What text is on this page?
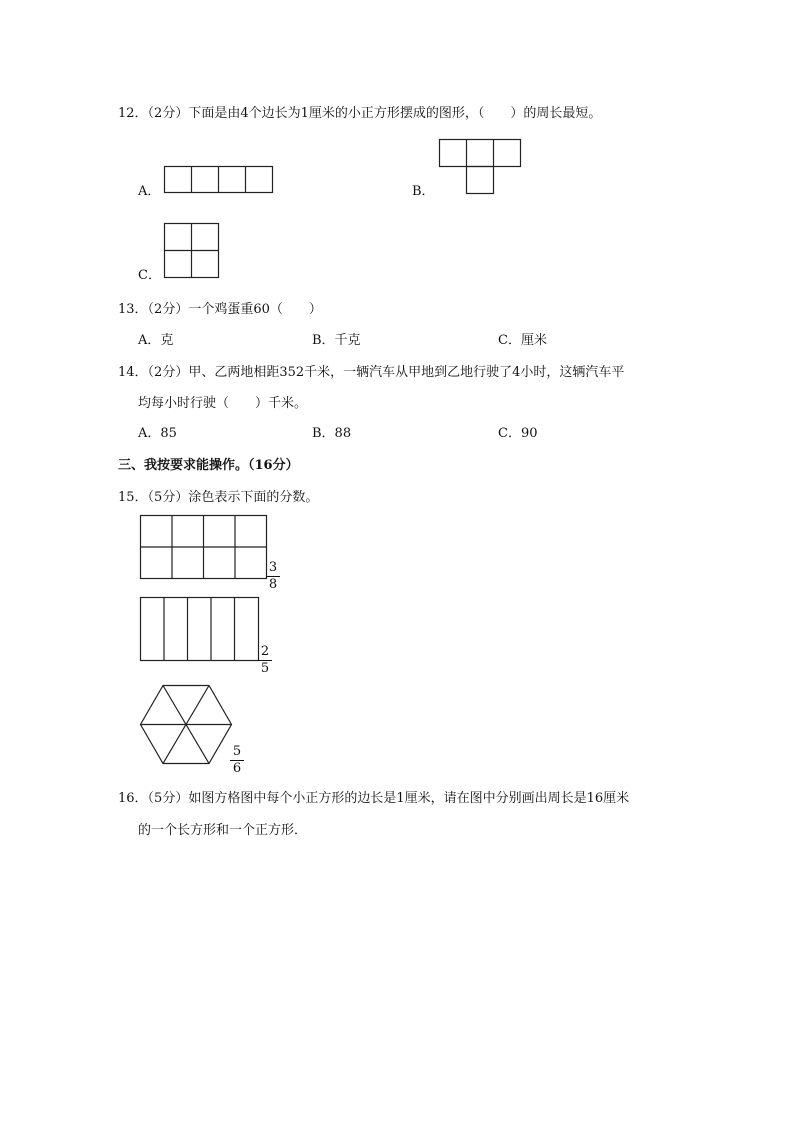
12．（2分）下面是由4个边长为1厘米的小正方形摆成的图形，（　　）的周长最短。
A．	B．
C．
13．（2分）一个鸡蛋重60（　　）
A．克	B．千克	C．厘米
14．（2分）甲、乙两地相距352千米，一辆汽车从甲地到乙地行驶了4小时，这辆汽车平
均每小时行驶（　　）千米。
A．85	B．88	C．90
三、我按要求能操作。（16分）
15．（5分）涂色表示下面的分数。
3
8
2
5
5
6
16．（5分）如图方格图中每个小正方形的边长是1厘米，请在图中分别画出周长是16厘米
的一个长方形和一个正方形．
